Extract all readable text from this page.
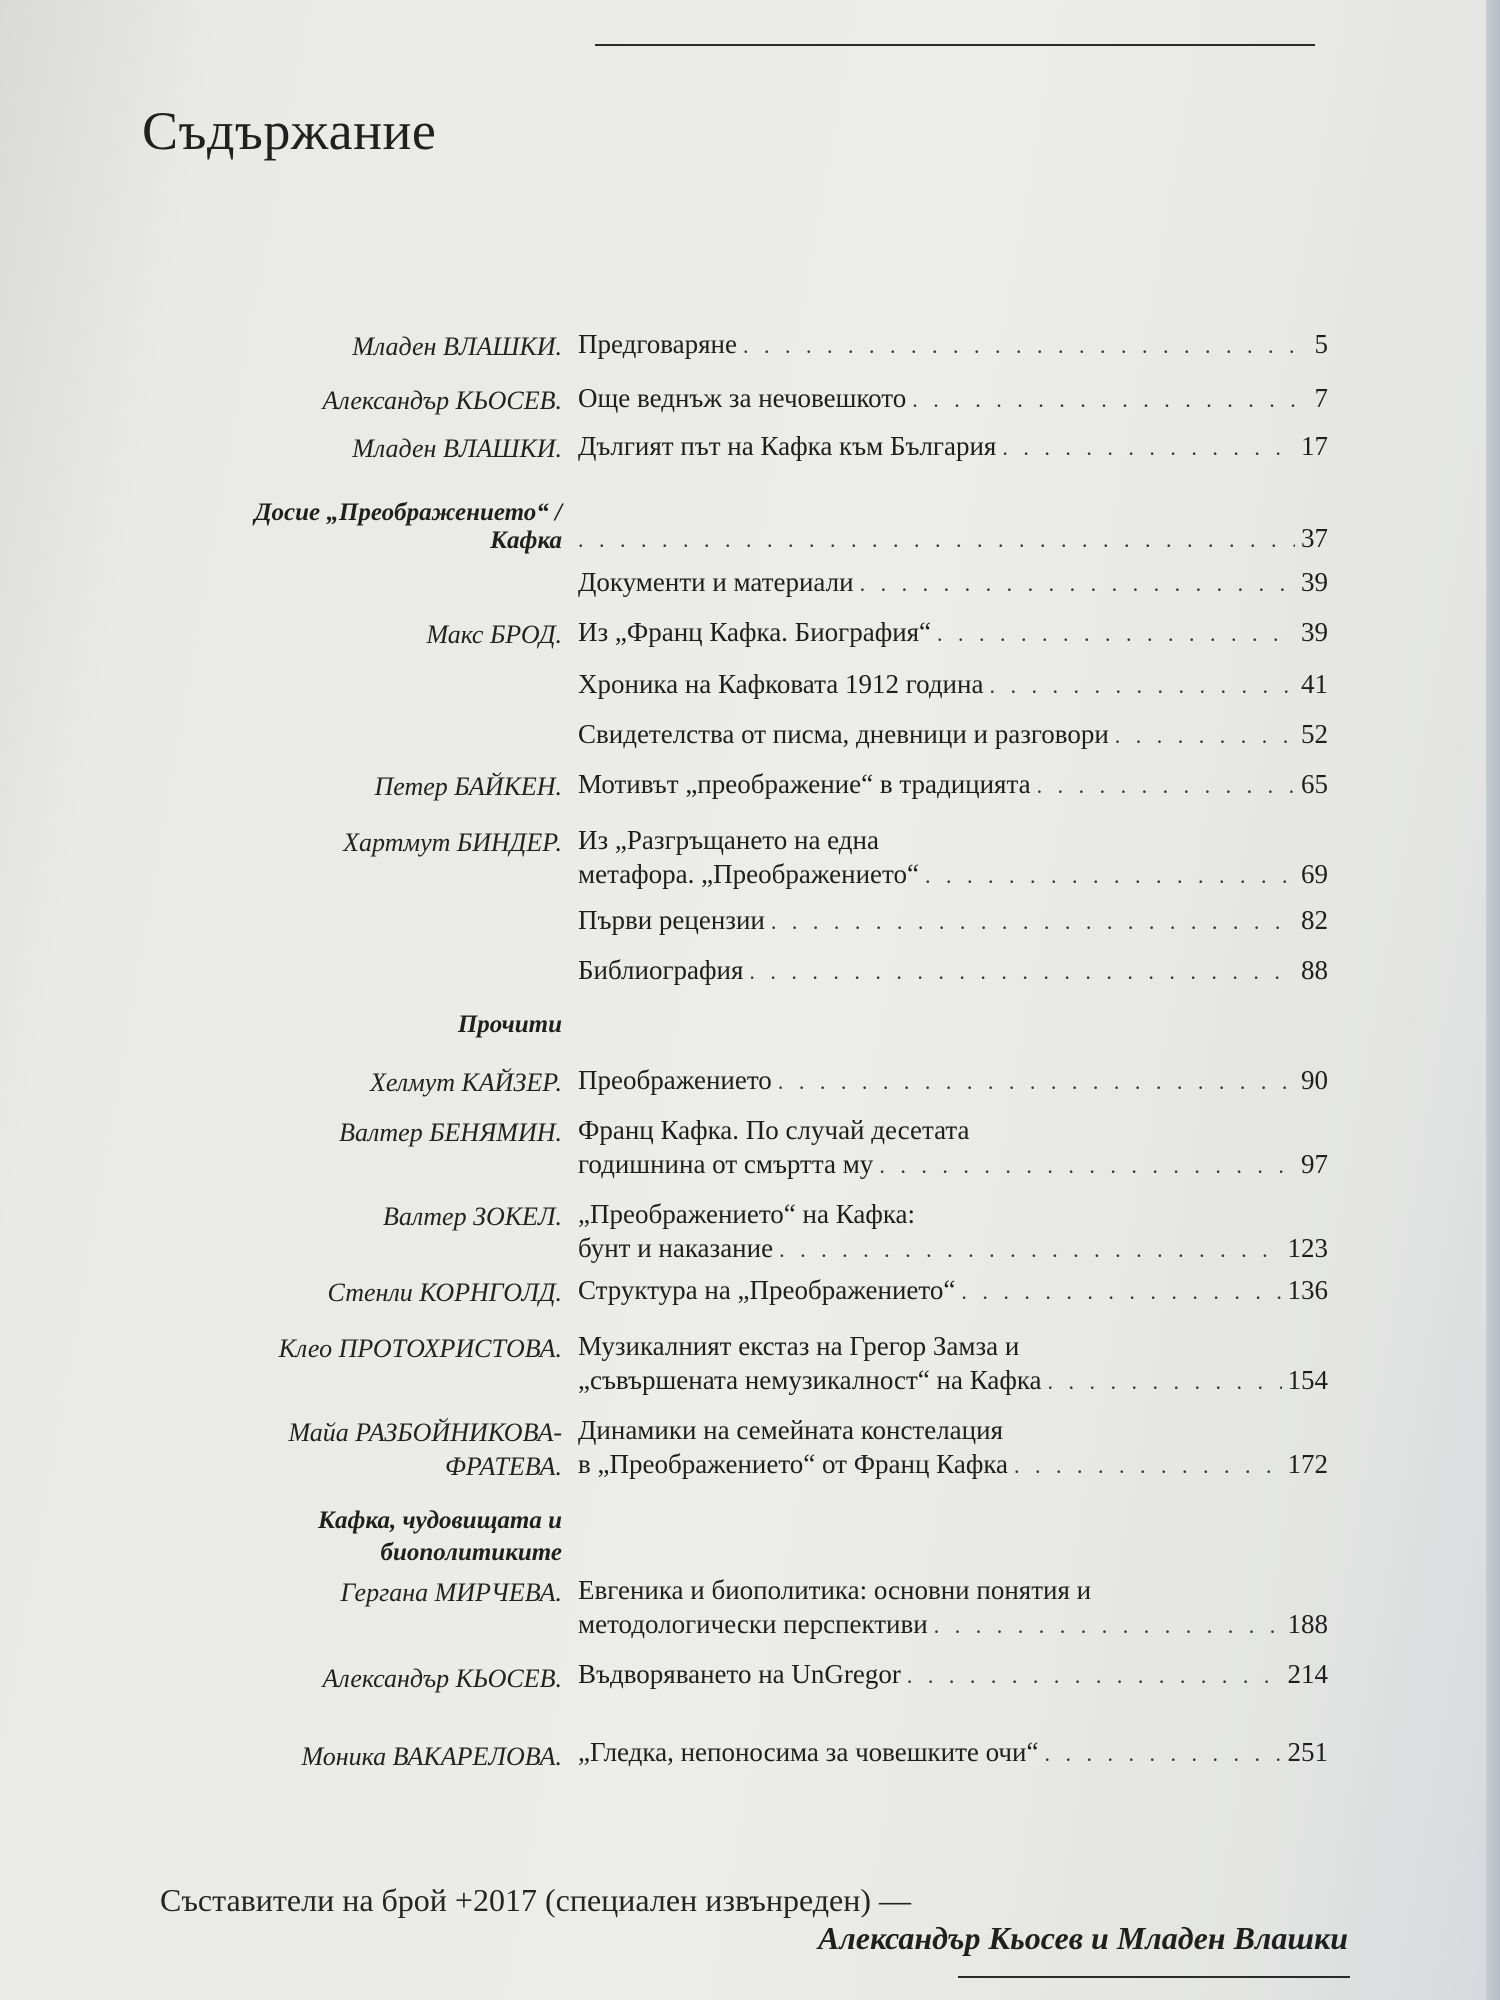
Съдържание
Младен ВЛАШКИ. Предговаряне . . .	5
Александър КЬОСЕВ. Още веднъж за нечовешкото . . .	7
Младен ВЛАШКИ. Дългият път на Кафка към България . . .	17
Досие „Преображението“ /
Кафка . . .	37
Документи и материали . . .	39
Макс БРОД. Из „Франц Кафка. Биография“ . . .	39
Хроника на Кафковата 1912 година . . .	41
Свидетелства от писма, дневници и разговори . . .	52
Петер БАЙКЕН. Мотивът „преображение“ в традицията . . .	65
Хартмут БИНДЕР. Из „Разгръщането на една
метафора. „Преображението“ . . .	69
Първи рецензии . . .	82
Библиография . . .	88
Прочити
Хелмут КАЙЗЕР. Преображението . . .	90
Валтер БЕНЯМИН. Франц Кафка. По случай десетата
годишнина от смъртта му . . .	97
Валтер ЗОКЕЛ. „Преображението“ на Кафка:
бунт и наказание . . .	123
Стенли КОРНГОЛД. Структура на „Преображението“ . . .	136
Клео ПРОТОХРИСТОВА. Музикалният екстаз на Грегор Замза и
„съвършената немузикалност“ на Кафка . . .	154
Майа РАЗБОЙНИКОВА-
ФРАТЕВА.
Динамики на семейната констелация
в „Преображението“ от Франц Кафка . . .	172
Кафка, чудовищата и
биополитиките
Гергана МИРЧЕВА. Евгеника и биополитика: основни понятия и
методологически перспективи . . .	188
Александър КЬОСЕВ. Въдворяването на UnGregor . . .	214
Моника ВАКАРЕЛОВА. „Гледка, непоносима за човешките очи“ . . .	251
Съставители на брой +2017 (специален извънреден) —
Александър Кьосев и Младен Влашки
